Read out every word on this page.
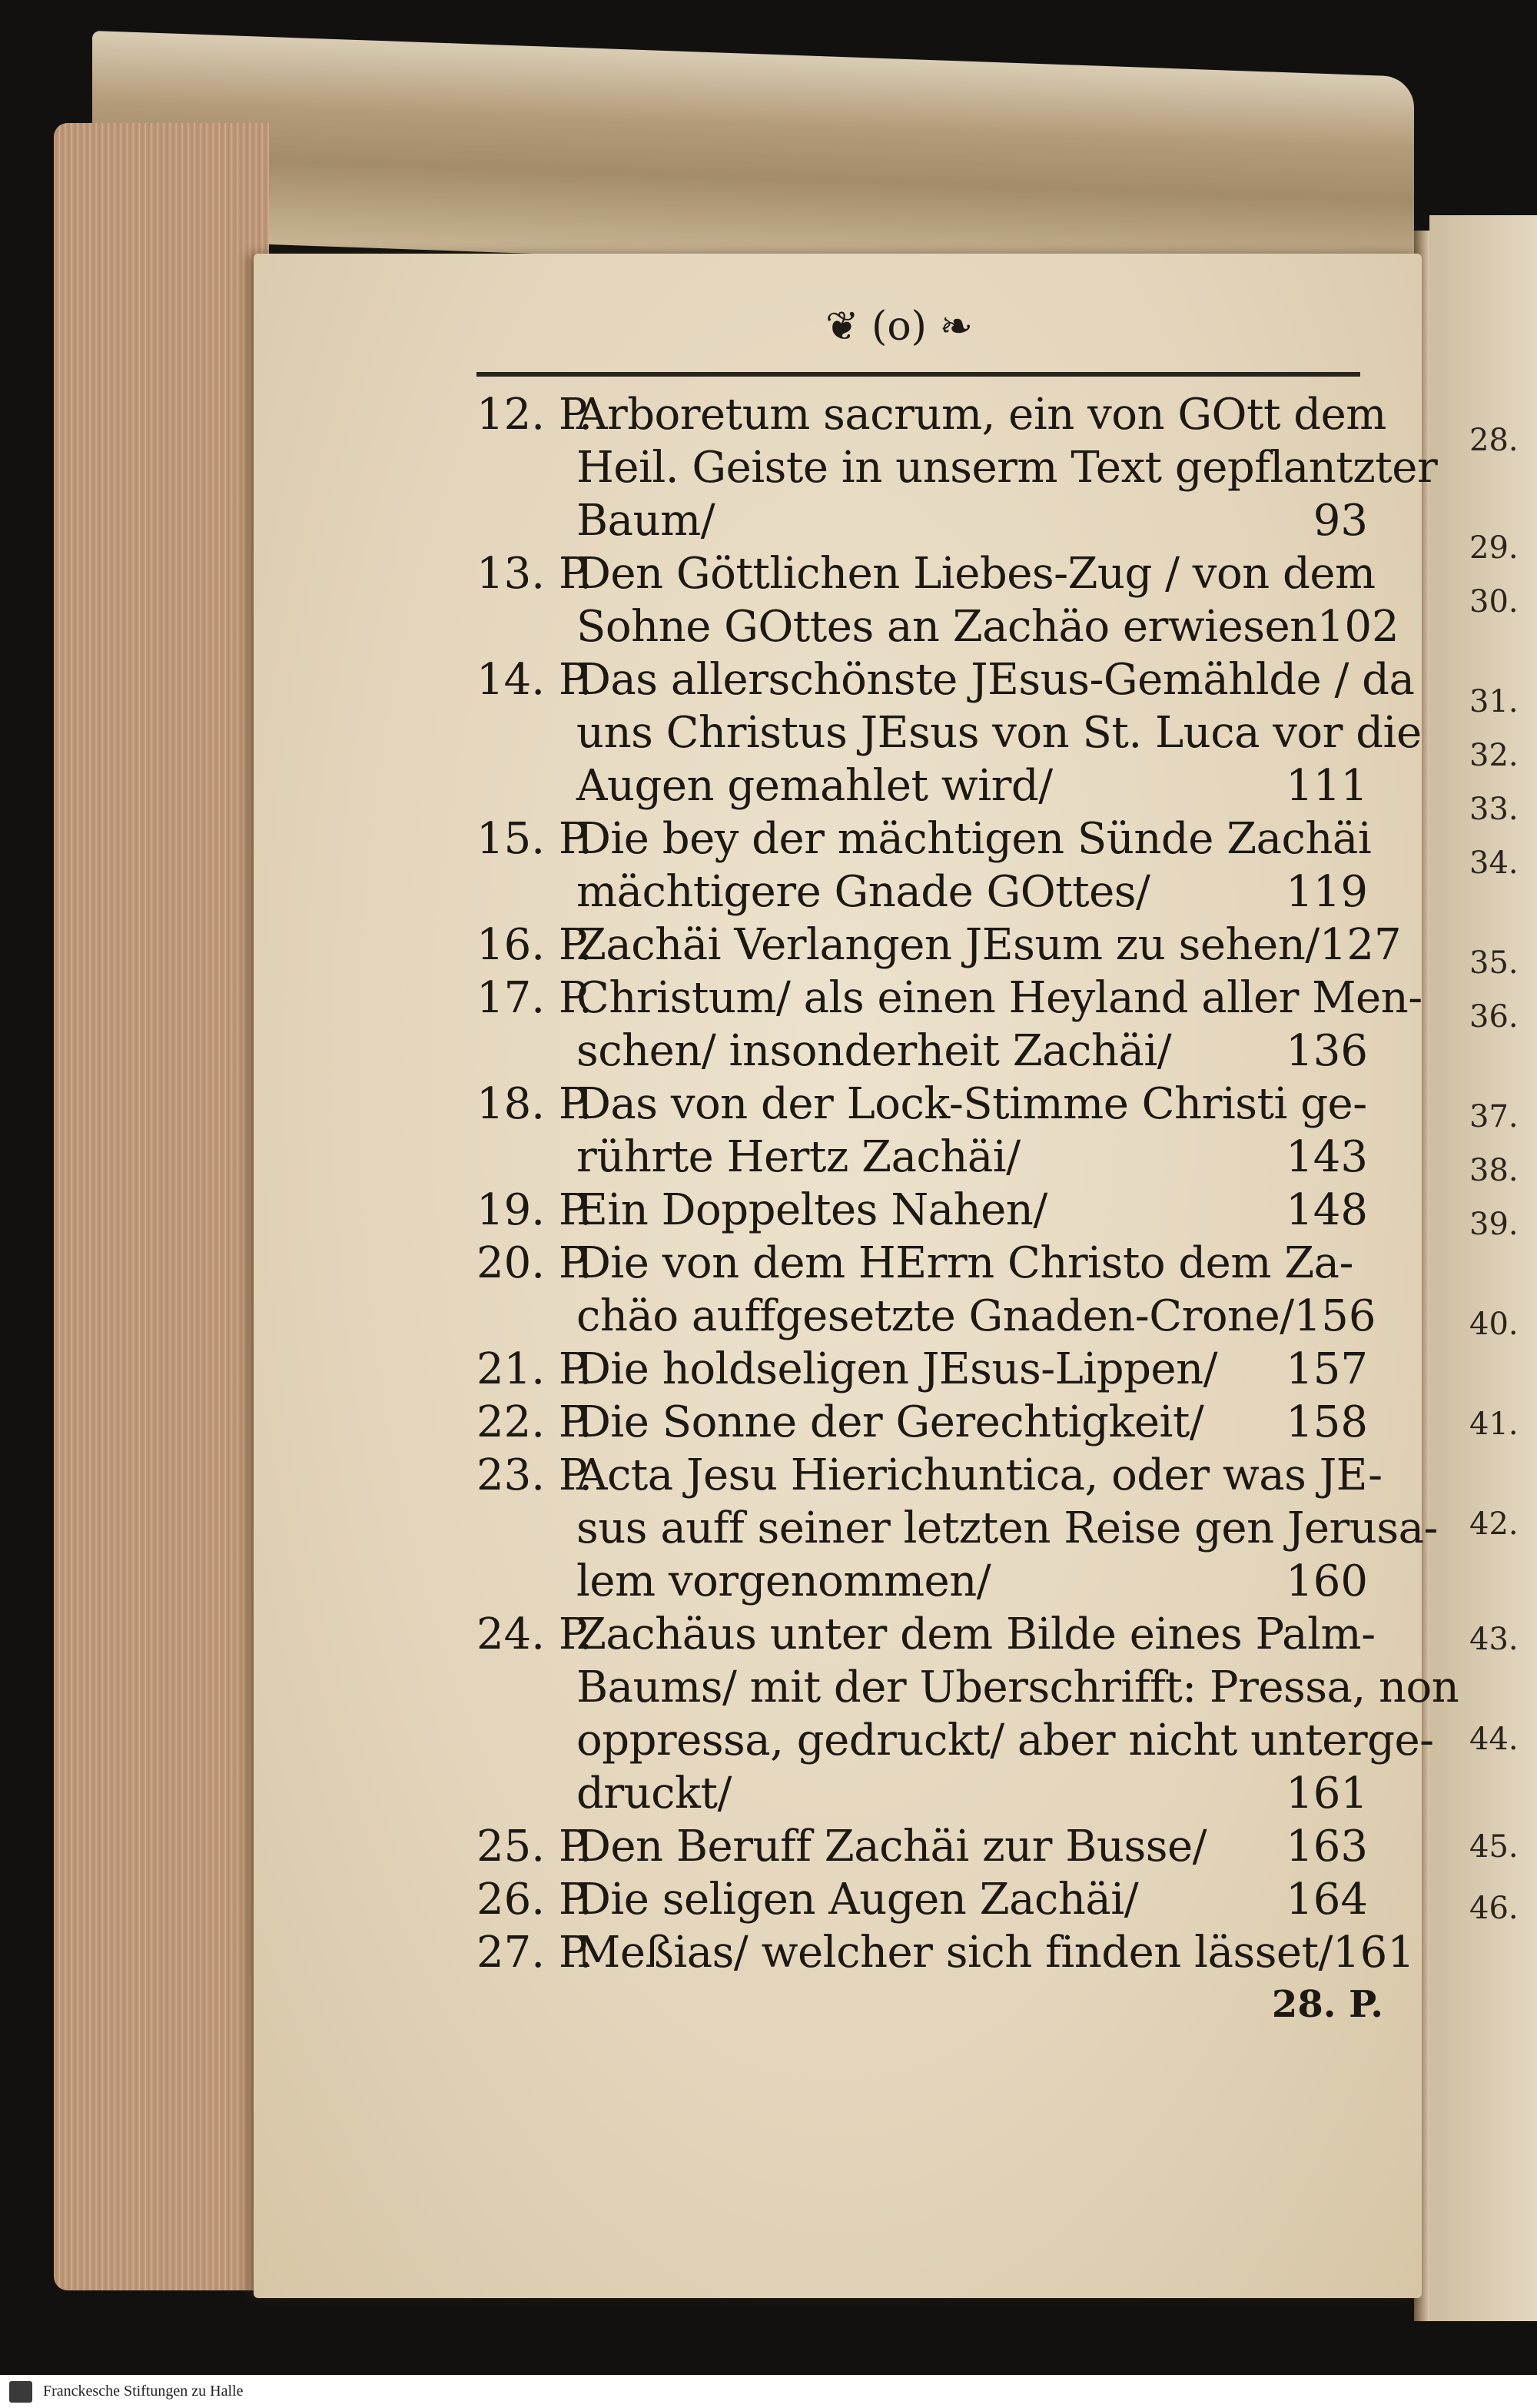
❦ (o) ❧
12. P.
Arboretum sacrum, ein von GOtt dem
Heil. Geiste in unserm Text gepflantzter
Baum/	93
13. P.
Den Göttlichen Liebes-Zug / von dem
Sohne GOttes an Zachäo erwiesen 102
14. P.
Das allerschönste JEsus-Gemählde / da
uns Christus JEsus von St. Luca vor die
Augen gemahlet wird/	111
15. P.
Die bey der mächtigen Sünde Zachäi
mächtigere Gnade GOttes/	119
16. P.
Zachäi Verlangen JEsum zu sehen/ 127
17. P.
Christum/ als einen Heyland aller Men-
schen/ insonderheit Zachäi/	136
18. P.
Das von der Lock-Stimme Christi ge-
rührte Hertz Zachäi/	143
19. P.
Ein Doppeltes Nahen/	148
20. P.
Die von dem HErrn Christo dem Za-
chäo auffgesetzte Gnaden-Crone/ 156
21. P.
Die holdseligen JEsus-Lippen/	157
22. P.
Die Sonne der Gerechtigkeit/	158
23. P.
Acta Jesu Hierichuntica, oder was JE-
sus auff seiner letzten Reise gen Jerusa-
lem vorgenommen/	160
24. P.
Zachäus unter dem Bilde eines Palm-
Baums/ mit der Uberschrifft: Pressa, non
oppressa, gedruckt/ aber nicht unterge-
druckt/	161
25. P.
Den Beruff Zachäi zur Busse/	163
26. P.
Die seligen Augen Zachäi/	164
27. P.
Meßias/ welcher sich finden lässet/ 161
28. P.
28.
29.
30.
31.
32.
33.
34.
35.
36.
37.
38.
39.
40.
41.
42.
43.
44.
45.
46.
Franckesche Stiftungen zu Halle
